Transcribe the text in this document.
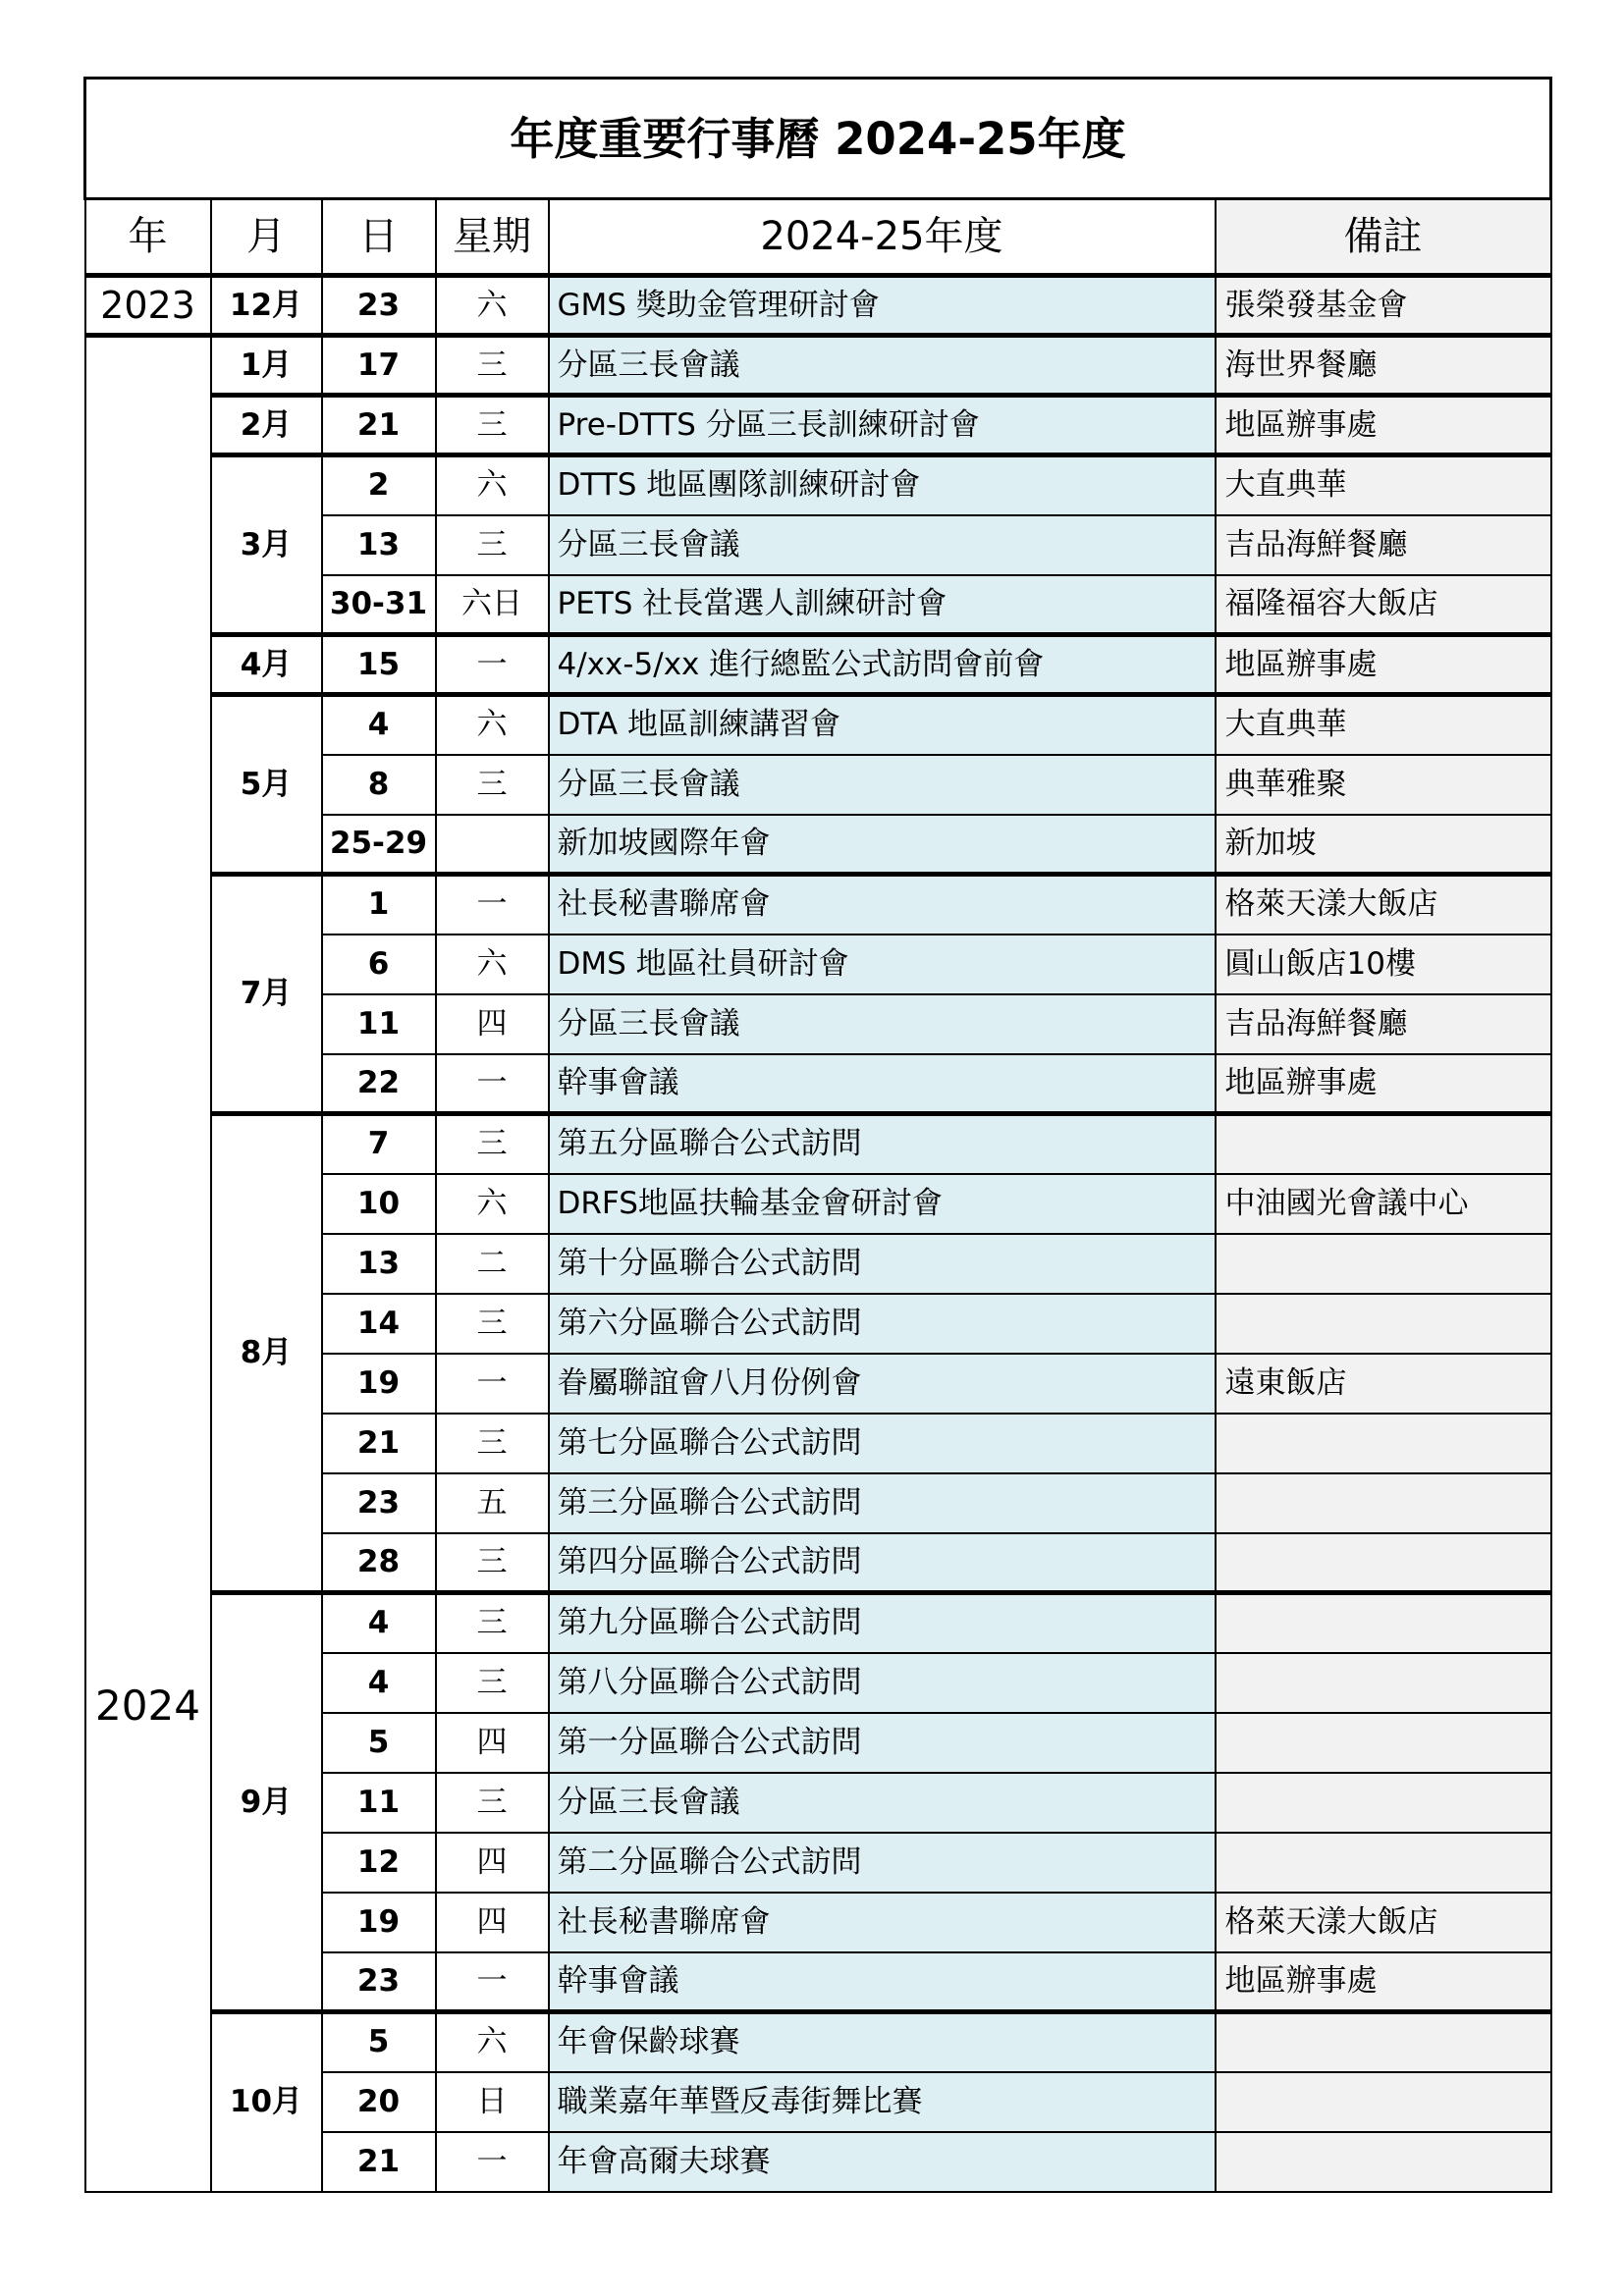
年度重要行事曆 2024-25年度					
年	月	日	星期	2024-25年度	備註
2023	12月	23	六	GMS 獎助金管理研討會	張榮發基金會
2024	1月	17	三	分區三長會議	海世界餐廳
	2月	21	三	Pre-DTTS 分區三長訓練研討會	地區辦事處
	3月	2	六	DTTS 地區團隊訓練研討會	大直典華
		13	三	分區三長會議	吉品海鮮餐廳
		30-31	六日	PETS 社長當選人訓練研討會	福隆福容大飯店
	4月	15	一	4/xx-5/xx 進行總監公式訪問會前會	地區辦事處
	5月	4	六	DTA 地區訓練講習會	大直典華
		8	三	分區三長會議	典華雅聚
		25-29		新加坡國際年會	新加坡
	7月	1	一	社長秘書聯席會	格萊天漾大飯店
		6	六	DMS 地區社員研討會	圓山飯店10樓
		11	四	分區三長會議	吉品海鮮餐廳
		22	一	幹事會議	地區辦事處
	8月	7	三	第五分區聯合公式訪問	
		10	六	DRFS地區扶輪基金會研討會	中油國光會議中心
		13	二	第十分區聯合公式訪問	
		14	三	第六分區聯合公式訪問	
		19	一	眷屬聯誼會八月份例會	遠東飯店
		21	三	第七分區聯合公式訪問	
		23	五	第三分區聯合公式訪問	
		28	三	第四分區聯合公式訪問	
	9月	4	三	第九分區聯合公式訪問	
		4	三	第八分區聯合公式訪問	
		5	四	第一分區聯合公式訪問	
		11	三	分區三長會議	
		12	四	第二分區聯合公式訪問	
		19	四	社長秘書聯席會	格萊天漾大飯店
		23	一	幹事會議	地區辦事處
	10月	5	六	年會保齡球賽	
		20	日	職業嘉年華暨反毒街舞比賽	
		21	一	年會高爾夫球賽	
